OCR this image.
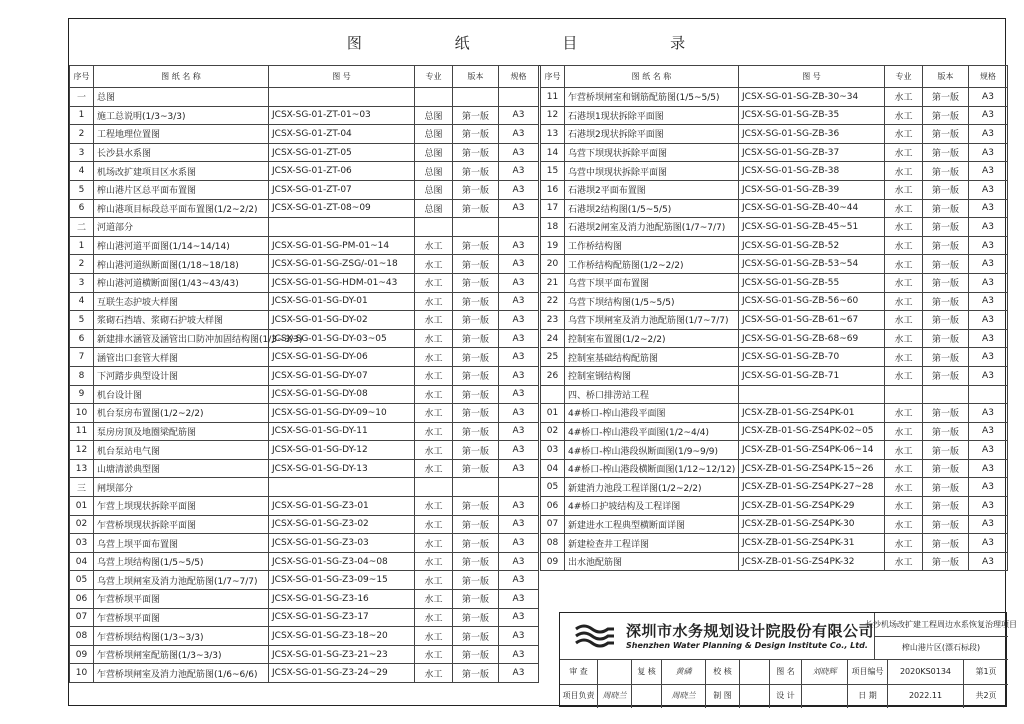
图 纸 目 录
序号	图 纸 名 称	图 号	专业	版本	规格
一	总图				
1	施工总说明(1/3~3/3)	JCSX-SG-01-ZT-01~03	总图	第一版	A3
2	工程地理位置图	JCSX-SG-01-ZT-04	总图	第一版	A3
3	长沙县水系图	JCSX-SG-01-ZT-05	总图	第一版	A3
4	机场改扩建项目区水系图	JCSX-SG-01-ZT-06	总图	第一版	A3
5	榨山港片区总平面布置图	JCSX-SG-01-ZT-07	总图	第一版	A3
6	榨山港项目标段总平面布置图(1/2~2/2)	JCSX-SG-01-ZT-08~09	总图	第一版	A3
二	河道部分				
1	榨山港河道平面图(1/14~14/14)	JCSX-SG-01-SG-PM-01~14	水工	第一版	A3
2	榨山港河道纵断面图(1/18~18/18)	JCSX-SG-01-SG-ZSG/-01~18	水工	第一版	A3
3	榨山港河道横断面图(1/43~43/43)	JCSX-SG-01-SG-HDM-01~43	水工	第一版	A3
4	互联生态护坡大样图	JCSX-SG-01-SG-DY-01	水工	第一版	A3
5	浆砌石挡墙、浆砌石护坡大样图	JCSX-SG-01-SG-DY-02	水工	第一版	A3
6	新建排水涵管及涵管出口防冲加固结构图(1/3~3/3)	JCSX-SG-01-SG-DY-03~05	水工	第一版	A3
7	涵管出口套管大样图	JCSX-SG-01-SG-DY-06	水工	第一版	A3
8	下河踏步典型设计图	JCSX-SG-01-SG-DY-07	水工	第一版	A3
9	机台设计图	JCSX-SG-01-SG-DY-08	水工	第一版	A3
10	机台泵房布置图(1/2~2/2)	JCSX-SG-01-SG-DY-09~10	水工	第一版	A3
11	泵房房顶及地圈梁配筋图	JCSX-SG-01-SG-DY-11	水工	第一版	A3
12	机台泵站电气图	JCSX-SG-01-SG-DY-12	水工	第一版	A3
13	山塘清淤典型图	JCSX-SG-01-SG-DY-13	水工	第一版	A3
三	闸坝部分				
01	乍营上坝现状拆除平面图	JCSX-SG-01-SG-Z3-01	水工	第一版	A3
02	乍营桥坝现状拆除平面图	JCSX-SG-01-SG-Z3-02	水工	第一版	A3
03	乌营上坝平面布置图	JCSX-SG-01-SG-Z3-03	水工	第一版	A3
04	乌营上坝结构图(1/5~5/5)	JCSX-SG-01-SG-Z3-04~08	水工	第一版	A3
05	乌营上坝闸室及消力池配筋图(1/7~7/7)	JCSX-SG-01-SG-Z3-09~15	水工	第一版	A3
06	乍营桥坝平面图	JCSX-SG-01-SG-Z3-16	水工	第一版	A3
07	乍营桥坝平面图	JCSX-SG-01-SG-Z3-17	水工	第一版	A3
08	乍营桥坝结构图(1/3~3/3)	JCSX-SG-01-SG-Z3-18~20	水工	第一版	A3
09	乍营桥坝闸室配筋图(1/3~3/3)	JCSX-SG-01-SG-Z3-21~23	水工	第一版	A3
10	乍营桥坝闸室及消力池配筋图(1/6~6/6)	JCSX-SG-01-SG-Z3-24~29	水工	第一版	A3
序号	图 纸 名 称	图 号	专业	版本	规格
11	乍营桥坝闸室和钢筋配筋图(1/5~5/5)	JCSX-SG-01-SG-ZB-30~34	水工	第一版	A3
12	石港坝1现状拆除平面图	JCSX-SG-01-SG-ZB-35	水工	第一版	A3
13	石港坝2现状拆除平面图	JCSX-SG-01-SG-ZB-36	水工	第一版	A3
14	乌营下坝现状拆除平面图	JCSX-SG-01-SG-ZB-37	水工	第一版	A3
15	乌营中坝现状拆除平面图	JCSX-SG-01-SG-ZB-38	水工	第一版	A3
16	石港坝2平面布置图	JCSX-SG-01-SG-ZB-39	水工	第一版	A3
17	石港坝2结构图(1/5~5/5)	JCSX-SG-01-SG-ZB-40~44	水工	第一版	A3
18	石港坝2闸室及消力池配筋图(1/7~7/7)	JCSX-SG-01-SG-ZB-45~51	水工	第一版	A3
19	工作桥结构图	JCSX-SG-01-SG-ZB-52	水工	第一版	A3
20	工作桥结构配筋图(1/2~2/2)	JCSX-SG-01-SG-ZB-53~54	水工	第一版	A3
21	乌营下坝平面布置图	JCSX-SG-01-SG-ZB-55	水工	第一版	A3
22	乌营下坝结构图(1/5~5/5)	JCSX-SG-01-SG-ZB-56~60	水工	第一版	A3
23	乌营下坝闸室及消力池配筋图(1/7~7/7)	JCSX-SG-01-SG-ZB-61~67	水工	第一版	A3
24	控制室布置图(1/2~2/2)	JCSX-SG-01-SG-ZB-68~69	水工	第一版	A3
25	控制室基础结构配筋图	JCSX-SG-01-SG-ZB-70	水工	第一版	A3
26	控制室钢结构图	JCSX-SG-01-SG-ZB-71	水工	第一版	A3
	四、桥口排涝站工程				
01	4#桥口-榨山港段平面图	JCSX-ZB-01-SG-ZS4PK-01	水工	第一版	A3
02	4#桥口-榨山港段平面图(1/2~4/4)	JCSX-ZB-01-SG-ZS4PK-02~05	水工	第一版	A3
03	4#桥口-榨山港段纵断面图(1/9~9/9)	JCSX-ZB-01-SG-ZS4PK-06~14	水工	第一版	A3
04	4#桥口-榨山港段横断面图(1/12~12/12)	JCSX-ZB-01-SG-ZS4PK-15~26	水工	第一版	A3
05	新建消力池段工程详图(1/2~2/2)	JCSX-ZB-01-SG-ZS4PK-27~28	水工	第一版	A3
06	4#桥口护坡结构及工程详图	JCSX-ZB-01-SG-ZS4PK-29	水工	第一版	A3
07	新建进水工程典型横断面详图	JCSX-ZB-01-SG-ZS4PK-30	水工	第一版	A3
08	新建检查井工程详图	JCSX-ZB-01-SG-ZS4PK-31	水工	第一版	A3
09	出水池配筋图	JCSX-ZB-01-SG-ZS4PK-32	水工	第一版	A3
深圳市水务规划设计院股份有限公司
Shenzhen Water Planning & Design Institute Co., Ltd.
长沙机场改扩建工程周边水系恢复治理项目
榨山港片区(漂石标段)
审 查	复 核	黄磷	校 核	图 名	刘晓辉	项目编号	2020KS0134	第1页
项目负责	周晓兰	周晓兰	制 图	设 计	日 期	2022.11	共2页
